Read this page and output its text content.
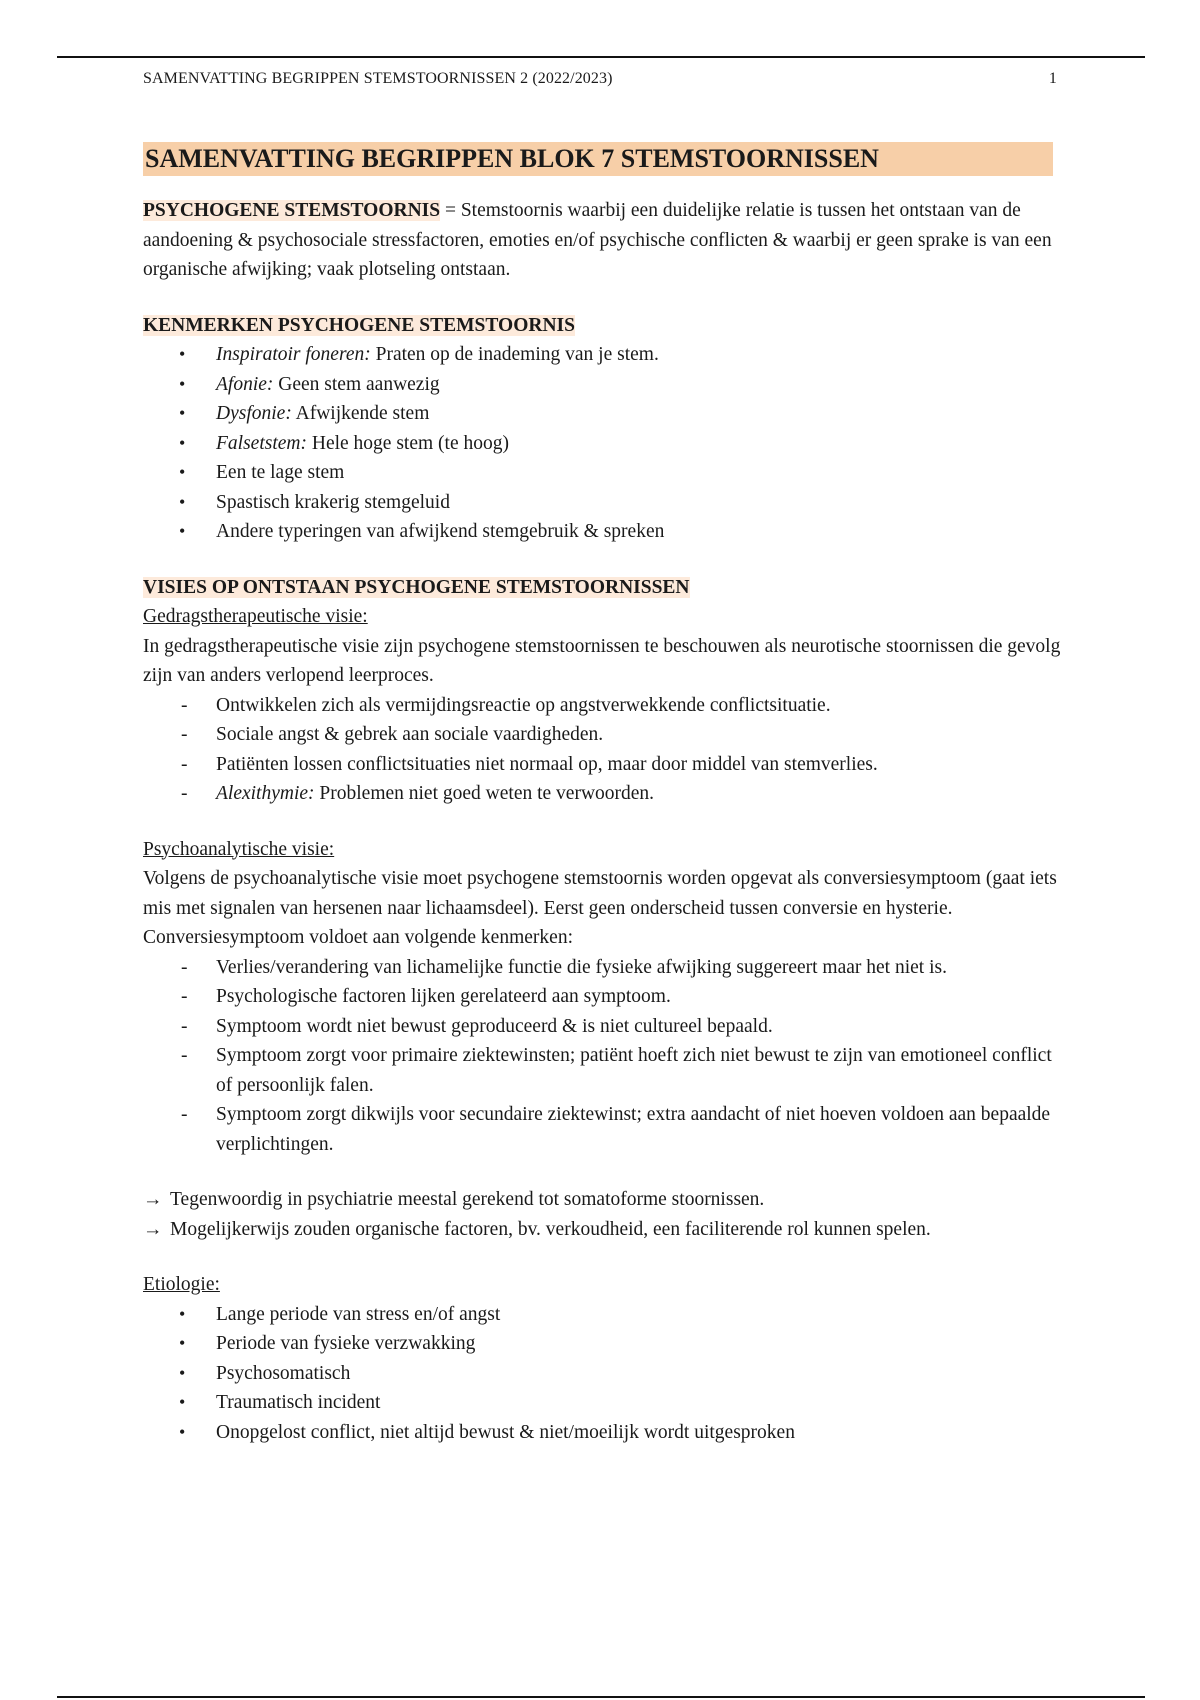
SAMENVATTING BEGRIPPEN STEMSTOORNISSEN 2 (2022/2023)	1
SAMENVATTING BEGRIPPEN BLOK 7 STEMSTOORNISSEN

PSYCHOGENE STEMSTOORNIS = Stemstoornis waarbij een duidelijke relatie is tussen het ontstaan van de aandoening & psychosociale stressfactoren, emoties en/of psychische conflicten & waarbij er geen sprake is van een organische afwijking; vaak plotseling ontstaan.

KENMERKEN PSYCHOGENE STEMSTOORNIS
• Inspiratoir foneren: Praten op de inademing van je stem.
• Afonie: Geen stem aanwezig
• Dysfonie: Afwijkende stem
• Falsetstem: Hele hoge stem (te hoog)
• Een te lage stem
• Spastisch krakerig stemgeluid
• Andere typeringen van afwijkend stemgebruik & spreken
VISIES OP ONTSTAAN PSYCHOGENE STEMSTOORNISSEN
Gedragstherapeutische visie:

In gedragstherapeutische visie zijn psychogene stemstoornissen te beschouwen als neurotische stoornissen die gevolg zijn van anders verlopend leerproces.

- Ontwikkelen zich als vermijdingsreactie op angstverwekkende conflictsituatie.
- Sociale angst & gebrek aan sociale vaardigheden.
- Patiënten lossen conflictsituaties niet normaal op, maar door middel van stemverlies.
- Alexithymie: Problemen niet goed weten te verwoorden.
Psychoanalytische visie:

Volgens de psychoanalytische visie moet psychogene stemstoornis worden opgevat als conversiesymptoom (gaat iets mis met signalen van hersenen naar lichaamsdeel). Eerst geen onderscheid tussen conversie en hysterie.

Conversiesymptoom voldoet aan volgende kenmerken:

- Verlies/verandering van lichamelijke functie die fysieke afwijking suggereert maar het niet is.
- Psychologische factoren lijken gerelateerd aan symptoom.
- Symptoom wordt niet bewust geproduceerd & is niet cultureel bepaald.
- Symptoom zorgt voor primaire ziektewinsten; patiënt hoeft zich niet bewust te zijn van emotioneel conflict of persoonlijk falen.
- Symptoom zorgt dikwijls voor secundaire ziektewinst; extra aandacht of niet hoeven voldoen aan bepaalde verplichtingen.
→ Tegenwoordig in psychiatrie meestal gerekend tot somatoforme stoornissen.
→ Mogelijkerwijs zouden organische factoren, bv. verkoudheid, een faciliterende rol kunnen spelen.
Etiologie:
• Lange periode van stress en/of angst
• Periode van fysieke verzwakking
• Psychosomatisch
• Traumatisch incident
• Onopgelost conflict, niet altijd bewust & niet/moeilijk wordt uitgesproken
